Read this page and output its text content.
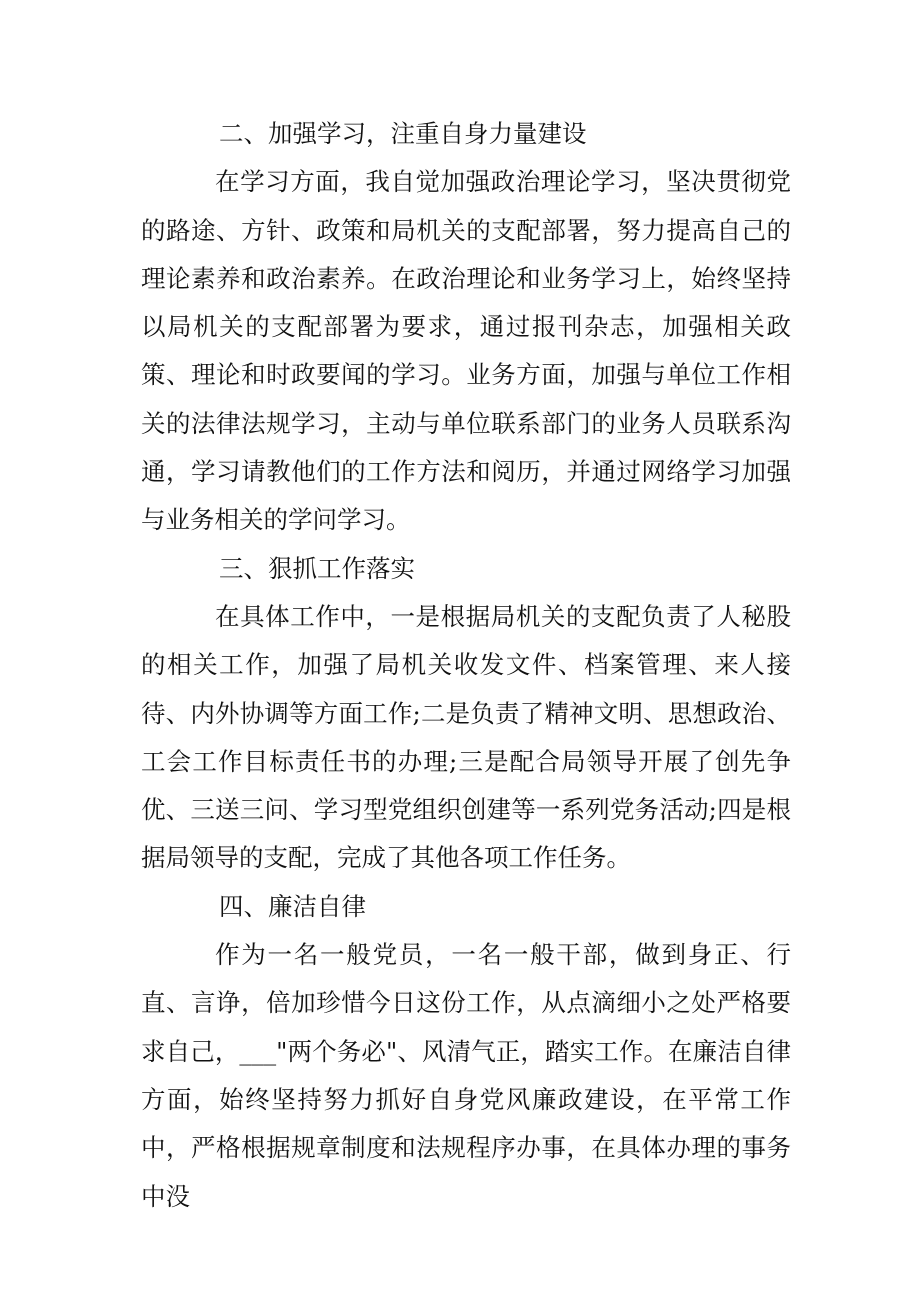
二、加强学习，注重自身力量建设

在学习方面，我自觉加强政治理论学习，坚决贯彻党的路途、方针、政策和局机关的支配部署，努力提高自己的理论素养和政治素养。在政治理论和业务学习上，始终坚持以局机关的支配部署为要求，通过报刊杂志，加强相关政策、理论和时政要闻的学习。业务方面，加强与单位工作相关的法律法规学习，主动与单位联系部门的业务人员联系沟通，学习请教他们的工作方法和阅历，并通过网络学习加强与业务相关的学问学习。

三、狠抓工作落实

在具体工作中，一是根据局机关的支配负责了人秘股的相关工作，加强了局机关收发文件、档案管理、来人接待、内外协调等方面工作;二是负责了精神文明、思想政治、工会工作目标责任书的办理;三是配合局领导开展了创先争优、三送三问、学习型党组织创建等一系列党务活动;四是根据局领导的支配，完成了其他各项工作任务。

四、廉洁自律

作为一名一般党员，一名一般干部，做到身正、行直、言诤，倍加珍惜今日这份工作，从点滴细小之处严格要求自己，___"两个务必"、风清气正，踏实工作。在廉洁自律方面，始终坚持努力抓好自身党风廉政建设，在平常工作中，严格根据规章制度和法规程序办事，在具体办理的事务中没
